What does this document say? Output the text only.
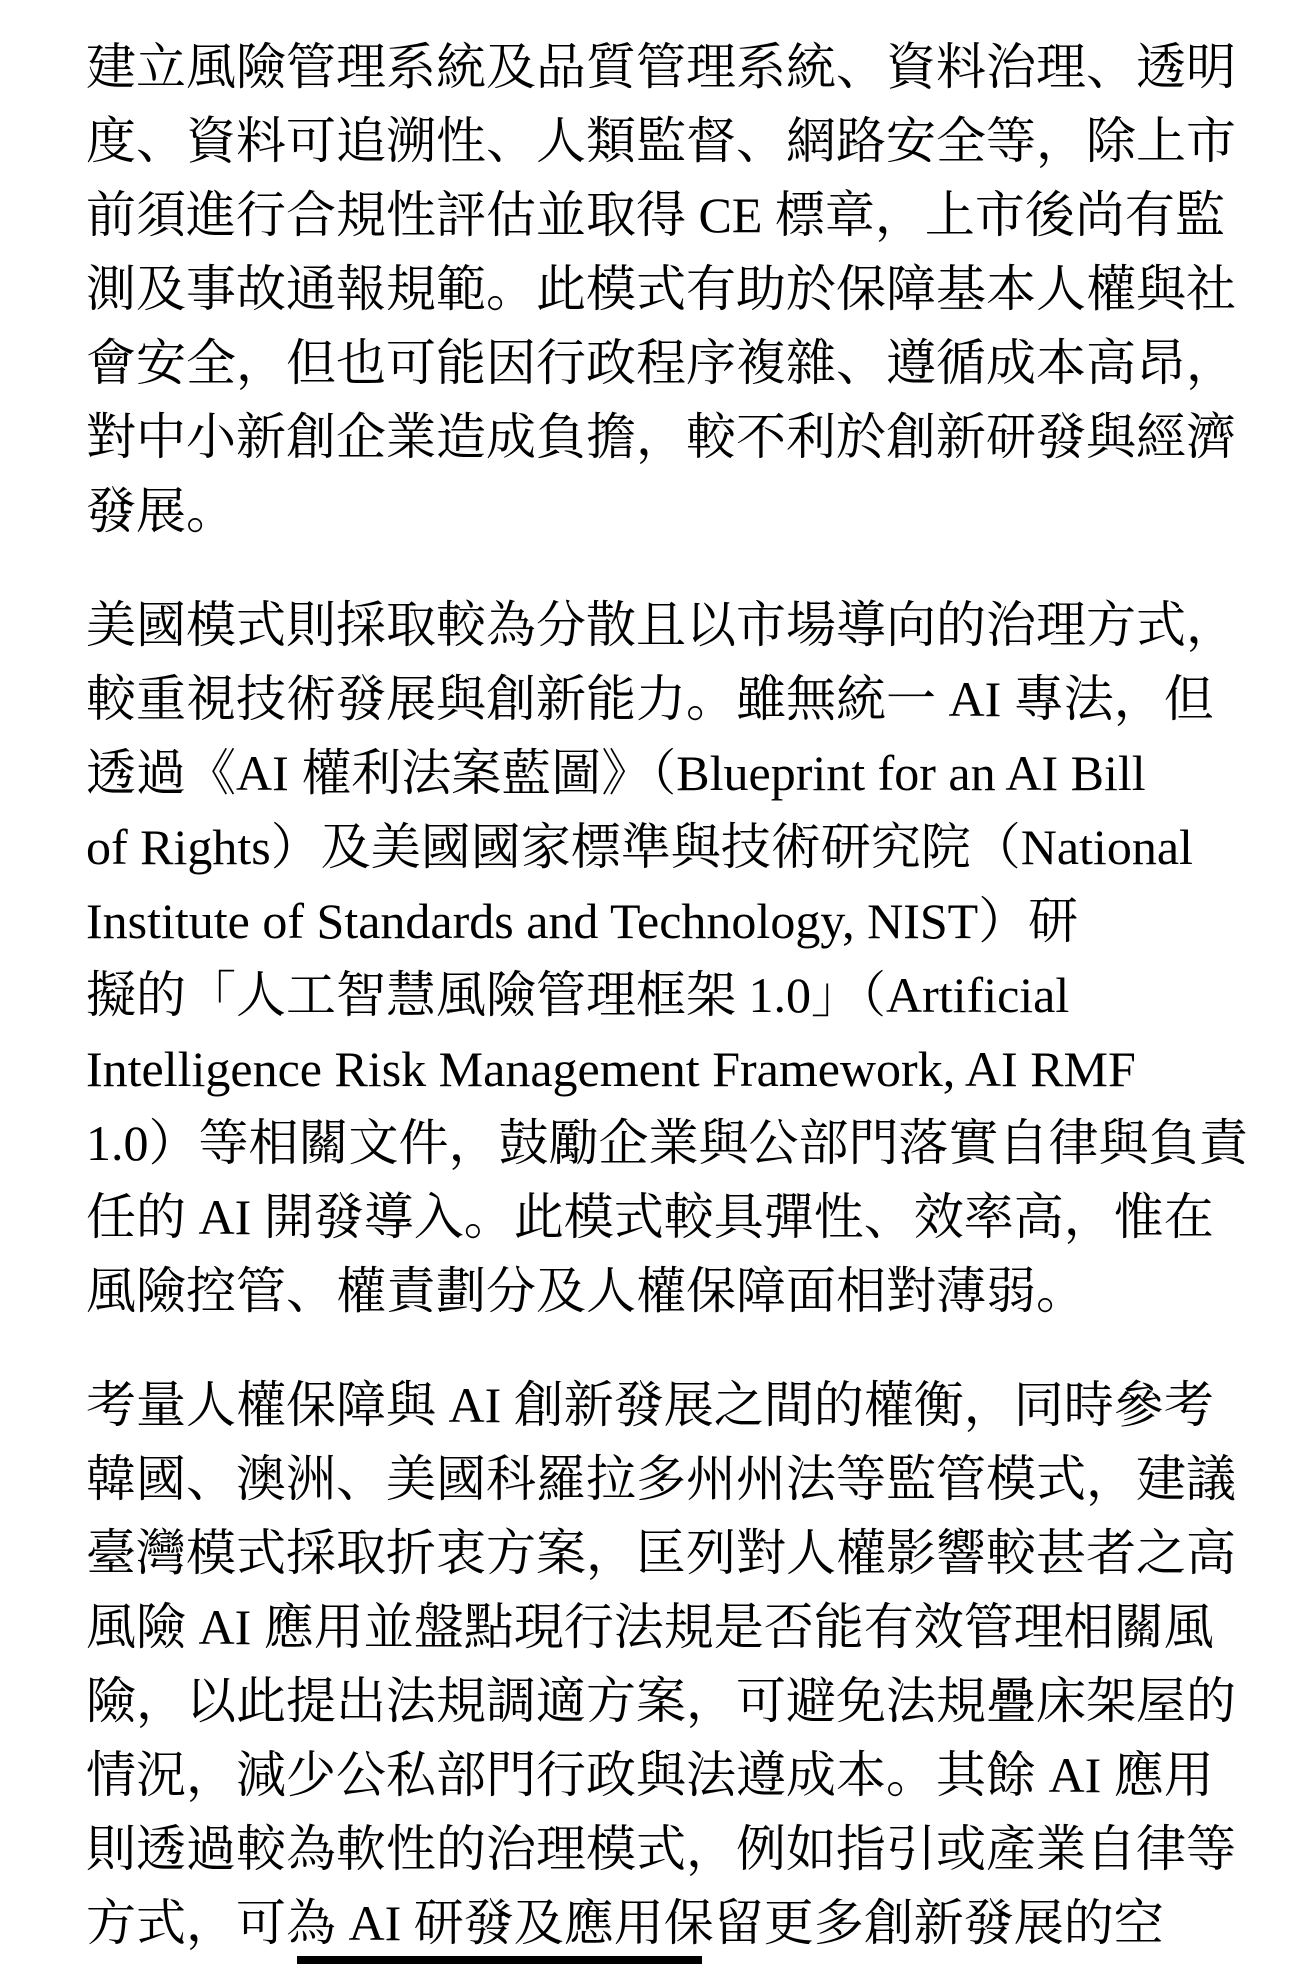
建立風險管理系統及品質管理系統、資料治理、透明
度、資料可追溯性、人類監督、網路安全等，除上市
前須進行合規性評估並取得 CE 標章，上市後尚有監
測及事故通報規範。此模式有助於保障基本人權與社
會安全，但也可能因行政程序複雜、遵循成本高昂，
對中小新創企業造成負擔，較不利於創新研發與經濟
發展。
美國模式則採取較為分散且以市場導向的治理方式，
較重視技術發展與創新能力。雖無統一 AI 專法，但
透過《AI 權利法案藍圖》（Blueprint for an AI Bill
of Rights）及美國國家標準與技術研究院（National
Institute of Standards and Technology, NIST）研
擬的「人工智慧風險管理框架 1.0」（Artificial
Intelligence Risk Management Framework, AI RMF
1.0）等相關文件，鼓勵企業與公部門落實自律與負責
任的 AI 開發導入。此模式較具彈性、效率高，惟在
風險控管、權責劃分及人權保障面相對薄弱。
考量人權保障與 AI 創新發展之間的權衡，同時參考
韓國、澳洲、美國科羅拉多州州法等監管模式，建議
臺灣模式採取折衷方案，匡列對人權影響較甚者之高
風險 AI 應用並盤點現行法規是否能有效管理相關風
險，以此提出法規調適方案，可避免法規疊床架屋的
情況，減少公私部門行政與法遵成本。其餘 AI 應用
則透過較為軟性的治理模式，例如指引或產業自律等
方式，可為 AI 研發及應用保留更多創新發展的空
